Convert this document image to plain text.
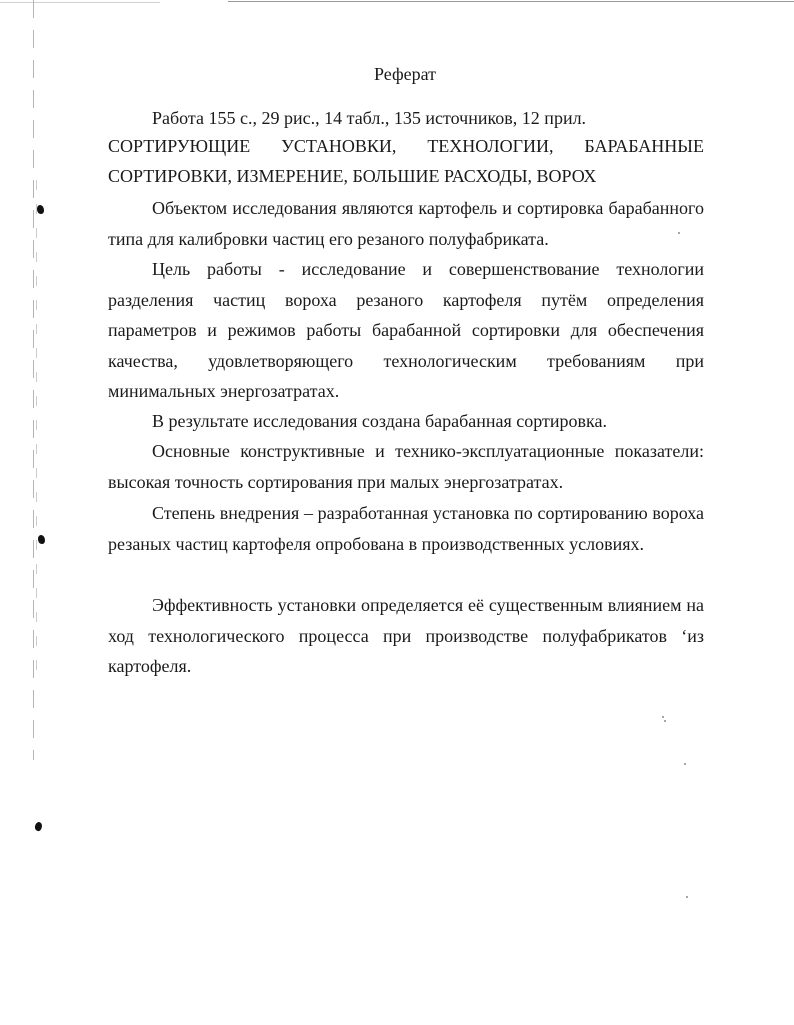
Реферат
Работа 155 с., 29 рис., 14 табл., 135 источников, 12 прил.
СОРТИРУЮЩИЕ УСТАНОВКИ, ТЕХНОЛОГИИ, БАРАБАННЫЕ СОРТИРОВКИ, ИЗМЕРЕНИЕ, БОЛЬШИЕ РАСХОДЫ, ВОРОХ
Объектом исследования являются картофель и сортировка барабанного типа для калибровки частиц его резаного полуфабриката.
Цель работы - исследование и совершенствование технологии разделения частиц вороха резаного картофеля путём определения параметров и режимов работы барабанной сортировки для обеспечения качества, удовлетворяющего технологическим требованиям при минимальных энергозатратах.
В результате исследования создана барабанная сортировка.
Основные конструктивные и технико-эксплуатационные показатели: высокая точность сортирования при малых энергозатратах.
Степень внедрения – разработанная установка по сортированию вороха резаных частиц картофеля опробована в производственных условиях.
Эффективность установки определяется её существенным влиянием на ход технологического процесса при производстве полуфабрикатов ‘из картофеля.
